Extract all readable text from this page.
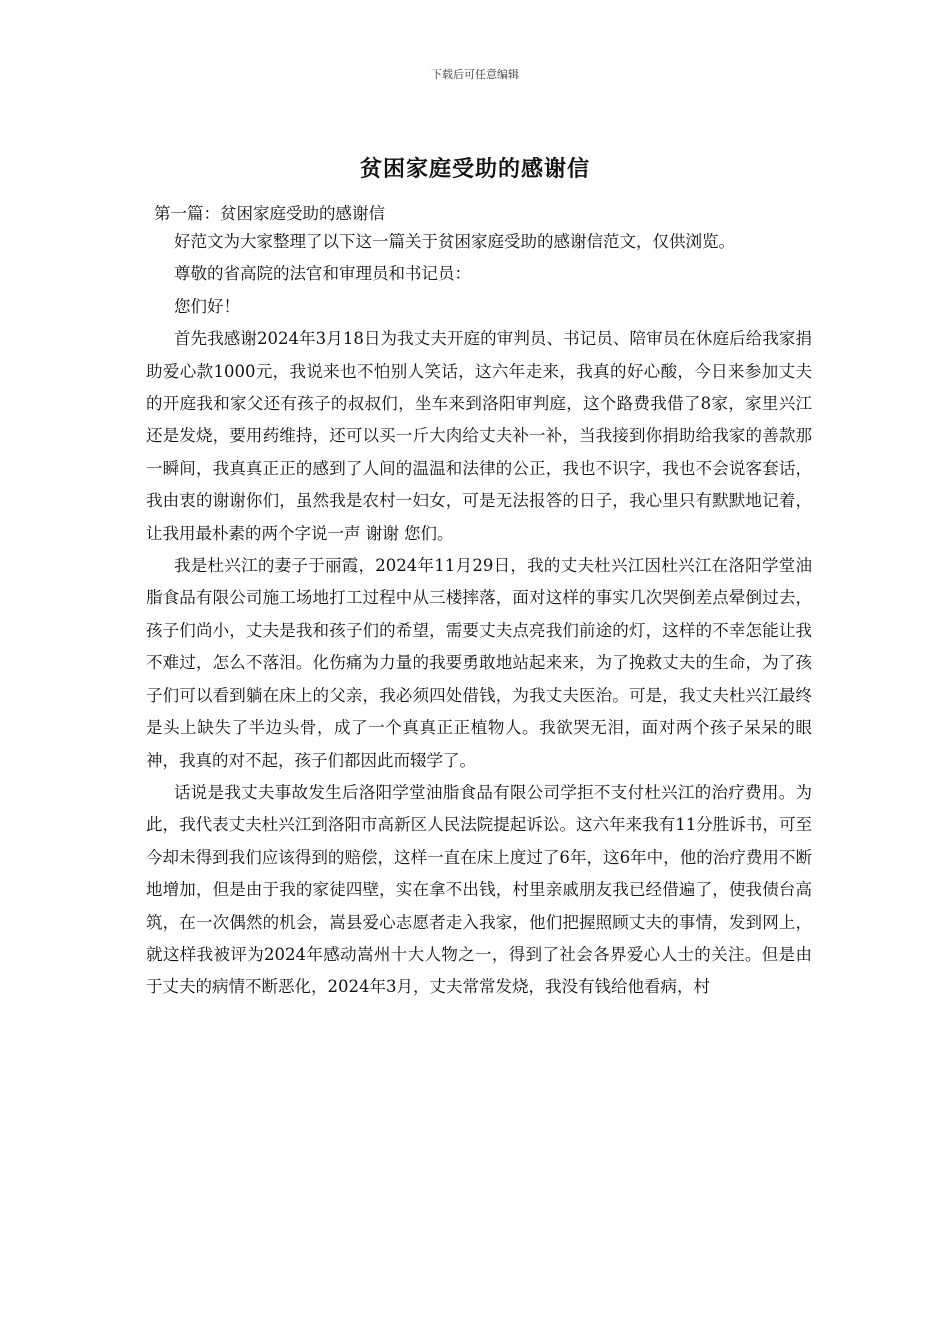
下载后可任意编辑
贫困家庭受助的感谢信
第一篇：贫困家庭受助的感谢信

好范文为大家整理了以下这一篇关于贫困家庭受助的感谢信范文，仅供浏览。

尊敬的省高院的法官和审理员和书记员：

您们好！

首先我感谢2024年3月18日为我丈夫开庭的审判员、书记员、陪审员在休庭后给我家捐助爱心款1000元，我说来也不怕别人笑话，这六年走来，我真的好心酸，今日来参加丈夫的开庭我和家父还有孩子的叔叔们，坐车来到洛阳审判庭，这个路费我借了8家，家里兴江还是发烧，要用药维持，还可以买一斤大肉给丈夫补一补，当我接到你捐助给我家的善款那一瞬间，我真真正正的感到了人间的温温和法律的公正，我也不识字，我也不会说客套话，我由衷的谢谢你们，虽然我是农村一妇女，可是无法报答的日子，我心里只有默默地记着，让我用最朴素的两个字说一声 谢谢 您们。

我是杜兴江的妻子于丽霞，2024年11月29日，我的丈夫杜兴江因杜兴江在洛阳学堂油脂食品有限公司施工场地打工过程中从三楼摔落，面对这样的事实几次哭倒差点晕倒过去，孩子们尚小，丈夫是我和孩子们的希望，需要丈夫点亮我们前途的灯，这样的不幸怎能让我不难过，怎么不落泪。化伤痛为力量的我要勇敢地站起来来，为了挽救丈夫的生命，为了孩子们可以看到躺在床上的父亲，我必须四处借钱，为我丈夫医治。可是，我丈夫杜兴江最终是头上缺失了半边头骨，成了一个真真正正植物人。我欲哭无泪，面对两个孩子呆呆的眼神，我真的对不起，孩子们都因此而辍学了。

话说是我丈夫事故发生后洛阳学堂油脂食品有限公司学拒不支付杜兴江的治疗费用。为此，我代表丈夫杜兴江到洛阳市高新区人民法院提起诉讼。这六年来我有11分胜诉书，可至今却未得到我们应该得到的赔偿，这样一直在床上度过了6年，这6年中，他的治疗费用不断地增加，但是由于我的家徒四壁，实在拿不出钱，村里亲戚朋友我已经借遍了，使我债台高筑，在一次偶然的机会，嵩县爱心志愿者走入我家，他们把握照顾丈夫的事情，发到网上，就这样我被评为2024年感动嵩州十大人物之一，得到了社会各界爱心人士的关注。但是由于丈夫的病情不断恶化，2024年3月，丈夫常常发烧，我没有钱给他看病，村
